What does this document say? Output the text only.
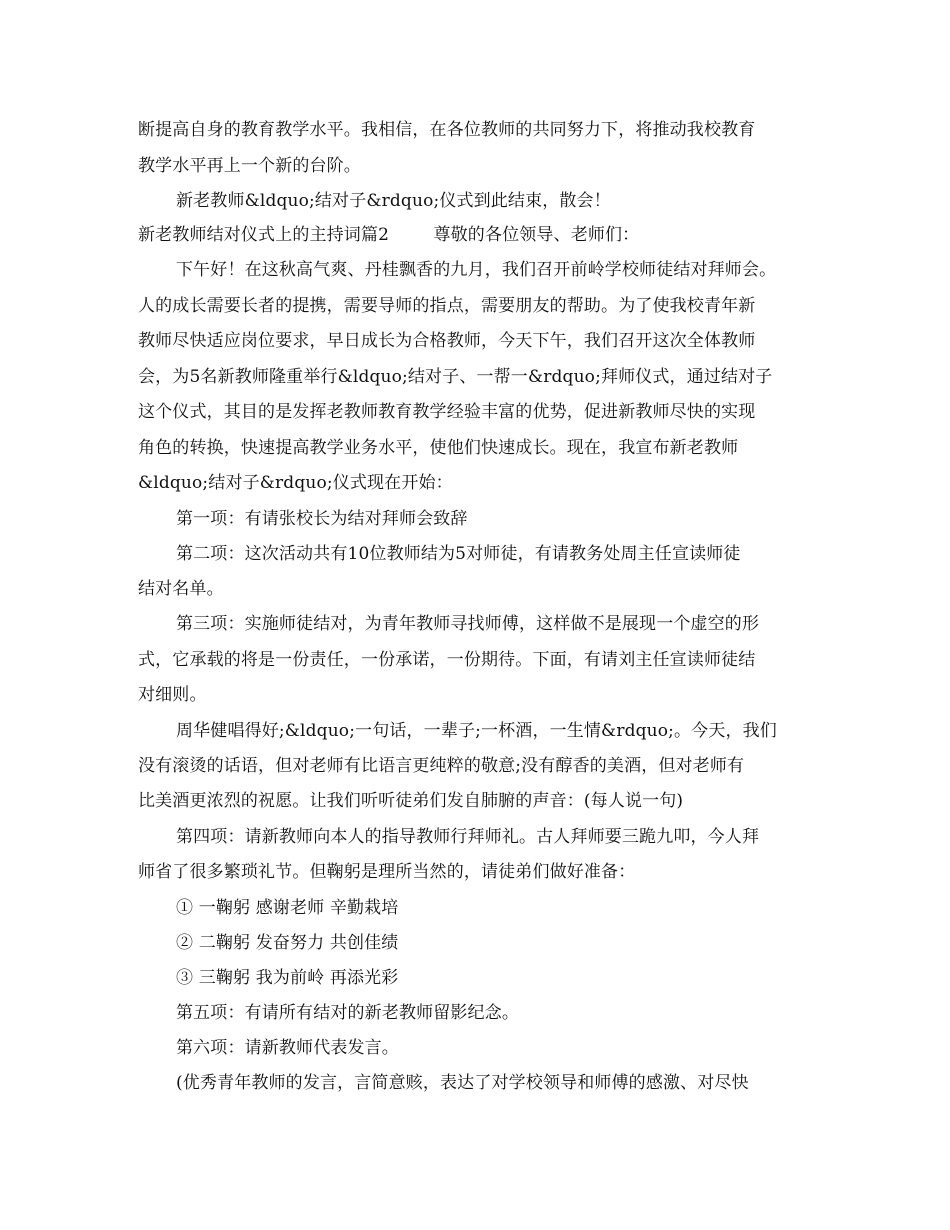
断提高自身的教育教学水平。我相信，在各位教师的共同努力下，将推动我校教育
教学水平再上一个新的台阶。
新老教师&ldquo;结对子&rdquo;仪式到此结束，散会！
新老教师结对仪式上的主持词篇2        尊敬的各位领导、老师们：
下午好！在这秋高气爽、丹桂飘香的九月，我们召开前岭学校师徒结对拜师会。
人的成长需要长者的提携，需要导师的指点，需要朋友的帮助。为了使我校青年新
教师尽快适应岗位要求，早日成长为合格教师，今天下午，我们召开这次全体教师
会，为5名新教师隆重举行&ldquo;结对子、一帮一&rdquo;拜师仪式，通过结对子
这个仪式，其目的是发挥老教师教育教学经验丰富的优势，促进新教师尽快的实现
角色的转换，快速提高教学业务水平，使他们快速成长。现在，我宣布新老教师
&ldquo;结对子&rdquo;仪式现在开始：
第一项：有请张校长为结对拜师会致辞
第二项：这次活动共有10位教师结为5对师徒，有请教务处周主任宣读师徒
结对名单。
第三项：实施师徒结对，为青年教师寻找师傅，这样做不是展现一个虚空的形
式，它承载的将是一份责任，一份承诺，一份期待。下面，有请刘主任宣读师徒结
对细则。
周华健唱得好;&ldquo;一句话，一辈子;一杯酒，一生情&rdquo;。今天，我们
没有滚烫的话语，但对老师有比语言更纯粹的敬意;没有醇香的美酒，但对老师有
比美酒更浓烈的祝愿。让我们听听徒弟们发自肺腑的声音：(每人说一句)
第四项：请新教师向本人的指导教师行拜师礼。古人拜师要三跪九叩，今人拜
师省了很多繁琐礼节。但鞠躬是理所当然的，请徒弟们做好准备：
① 一鞠躬 感谢老师 辛勤栽培
② 二鞠躬 发奋努力 共创佳绩
③ 三鞠躬 我为前岭 再添光彩
第五项：有请所有结对的新老教师留影纪念。
第六项：请新教师代表发言。
(优秀青年教师的发言，言简意赅，表达了对学校领导和师傅的感激、对尽快
